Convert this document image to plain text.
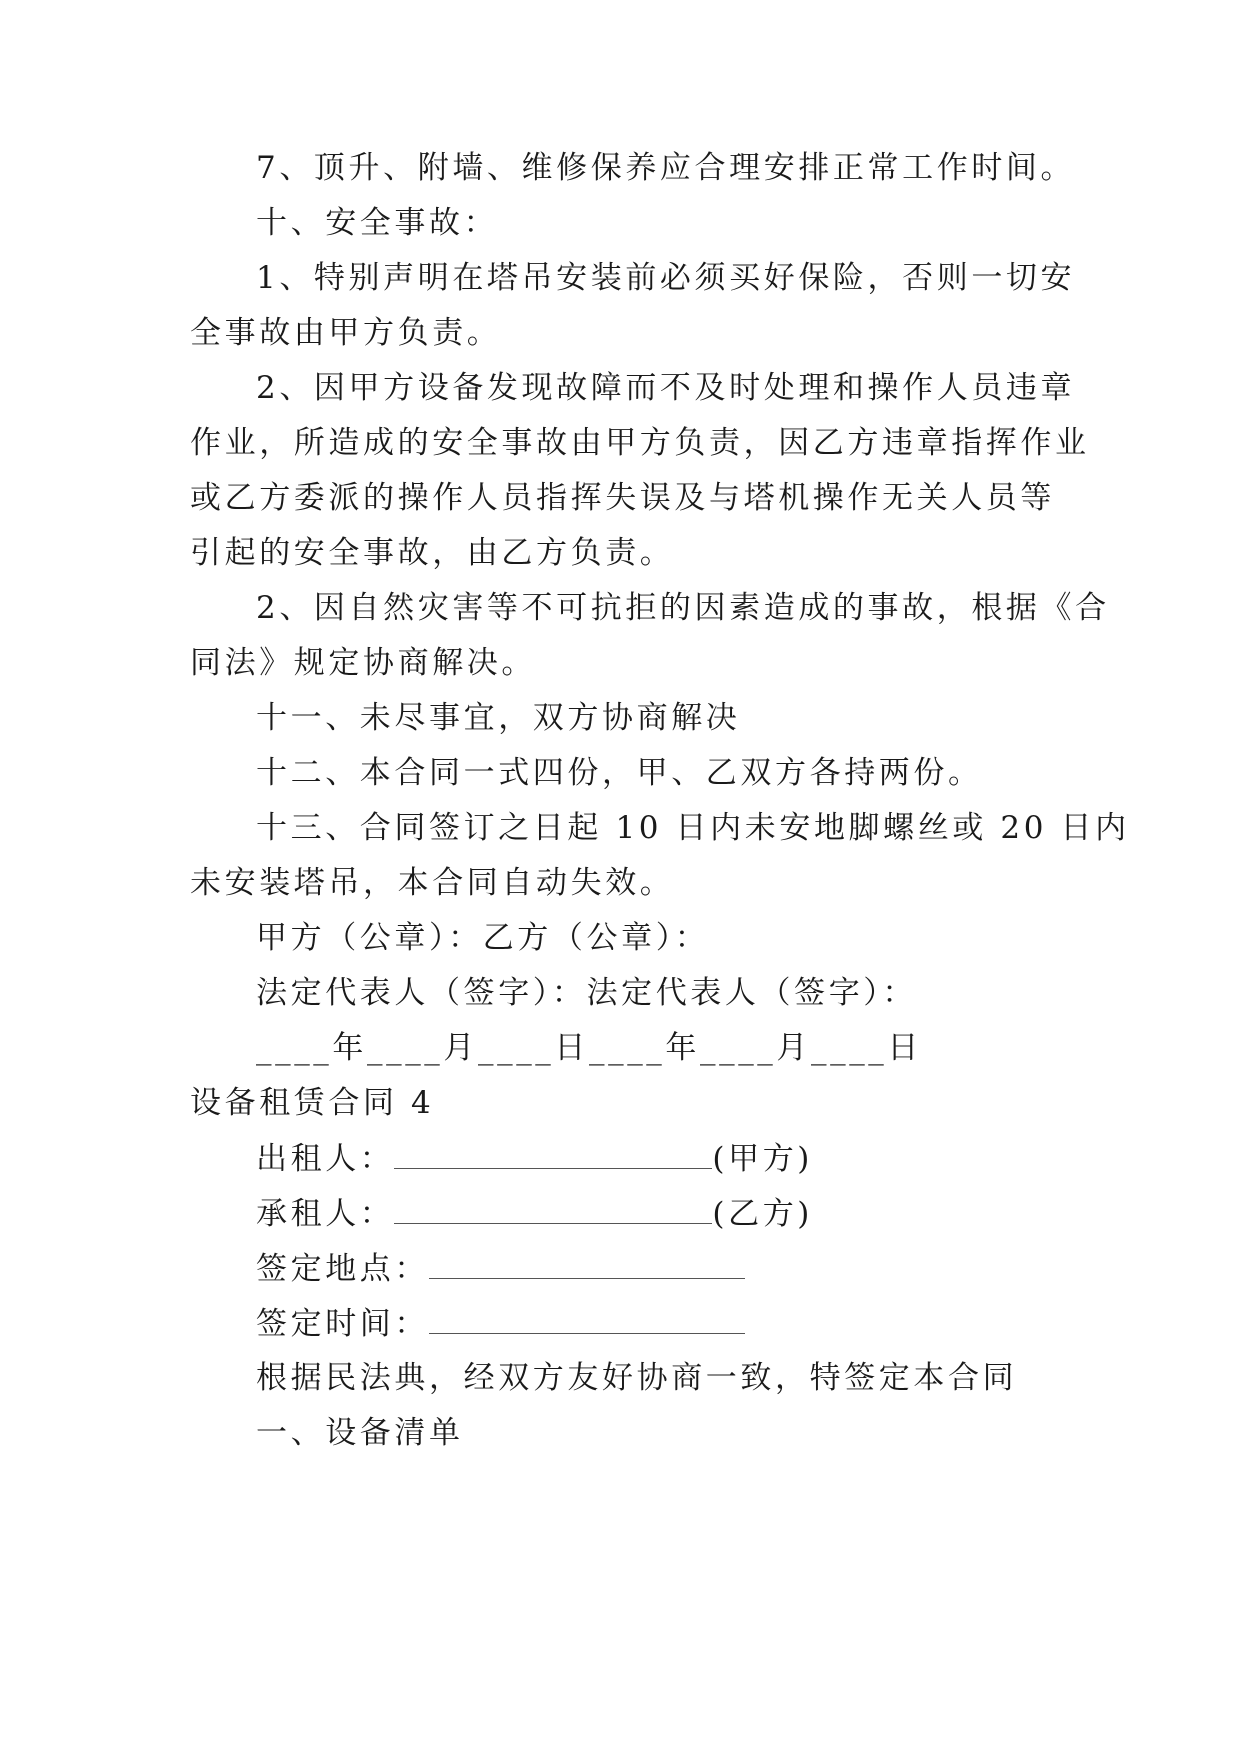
7、顶升、附墙、维修保养应合理安排正常工作时间。
十、安全事故：
1、特别声明在塔吊安装前必须买好保险，否则一切安
全事故由甲方负责。
2、因甲方设备发现故障而不及时处理和操作人员违章
作业，所造成的安全事故由甲方负责，因乙方违章指挥作业
或乙方委派的操作人员指挥失误及与塔机操作无关人员等
引起的安全事故，由乙方负责。
2、因自然灾害等不可抗拒的因素造成的事故，根据《合
同法》规定协商解决。
十一、未尽事宜，双方协商解决
十二、本合同一式四份，甲、乙双方各持两份。
十三、合同签订之日起 10 日内未安地脚螺丝或 20 日内
未安装塔吊，本合同自动失效。
甲方（公章）：乙方（公章）：
法定代表人（签字）：法定代表人（签字）：
____年____月____日____年____月____日
设备租赁合同 4
出租人：	(甲方)
承租人：	(乙方)
签定地点：
签定时间：
根据民法典，经双方友好协商一致，特签定本合同
一、设备清单
